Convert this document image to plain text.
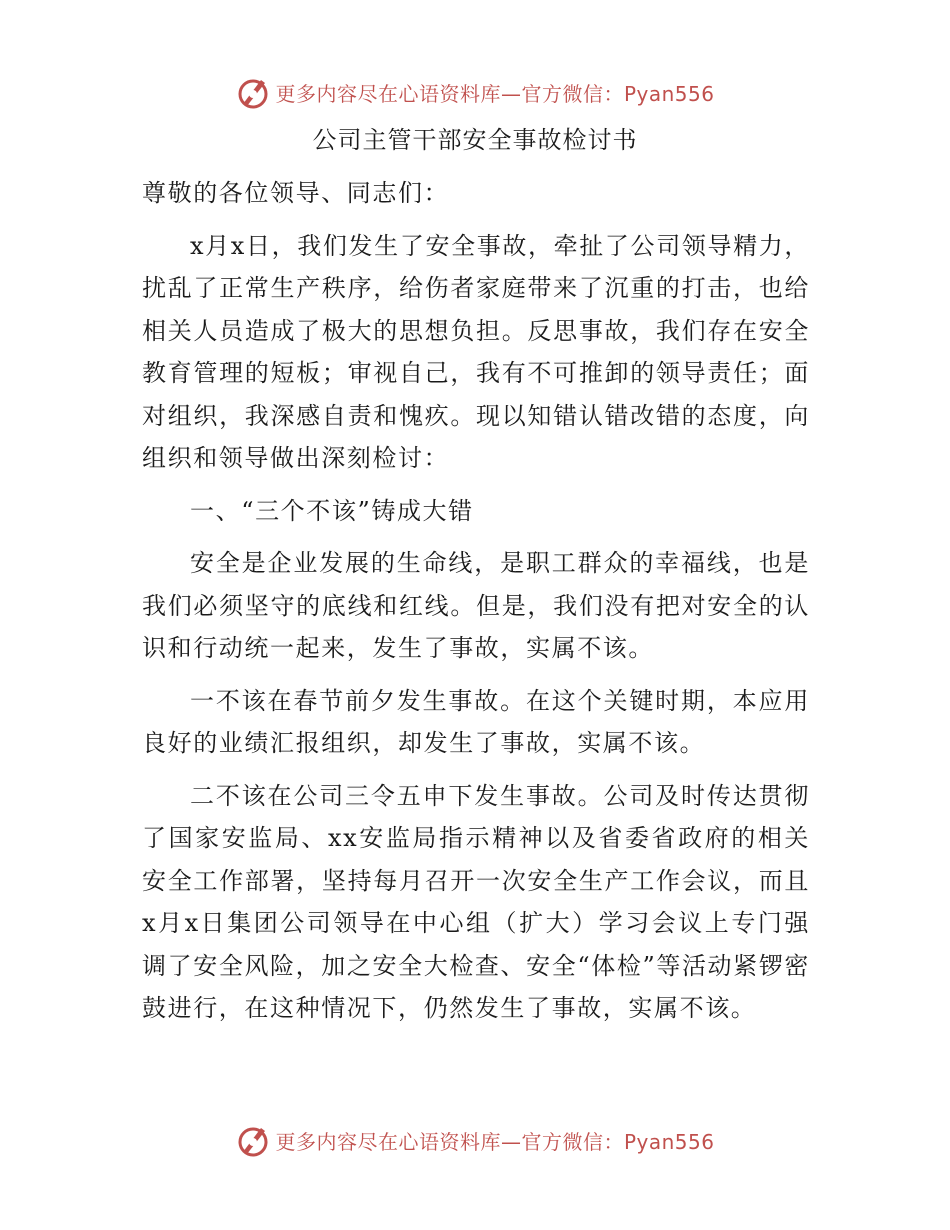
更多内容尽在心语资料库—官方微信：Pyan556
公司主管干部安全事故检讨书

尊敬的各位领导、同志们：

x月x日，我们发生了安全事故，牵扯了公司领导精力，扰乱了正常生产秩序，给伤者家庭带来了沉重的打击，也给相关人员造成了极大的思想负担。反思事故，我们存在安全教育管理的短板；审视自己，我有不可推卸的领导责任；面对组织，我深感自责和愧疚。现以知错认错改错的态度，向组织和领导做出深刻检讨：

一、“三个不该”铸成大错

安全是企业发展的生命线，是职工群众的幸福线，也是我们必须坚守的底线和红线。但是，我们没有把对安全的认识和行动统一起来，发生了事故，实属不该。

一不该在春节前夕发生事故。在这个关键时期，本应用良好的业绩汇报组织，却发生了事故，实属不该。

二不该在公司三令五申下发生事故。公司及时传达贯彻了国家安监局、xx安监局指示精神以及省委省政府的相关安全工作部署，坚持每月召开一次安全生产工作会议，而且x月x日集团公司领导在中心组（扩大）学习会议上专门强调了安全风险，加之安全大检查、安全“体检”等活动紧锣密鼓进行，在这种情况下，仍然发生了事故，实属不该。

更多内容尽在心语资料库—官方微信：Pyan556
